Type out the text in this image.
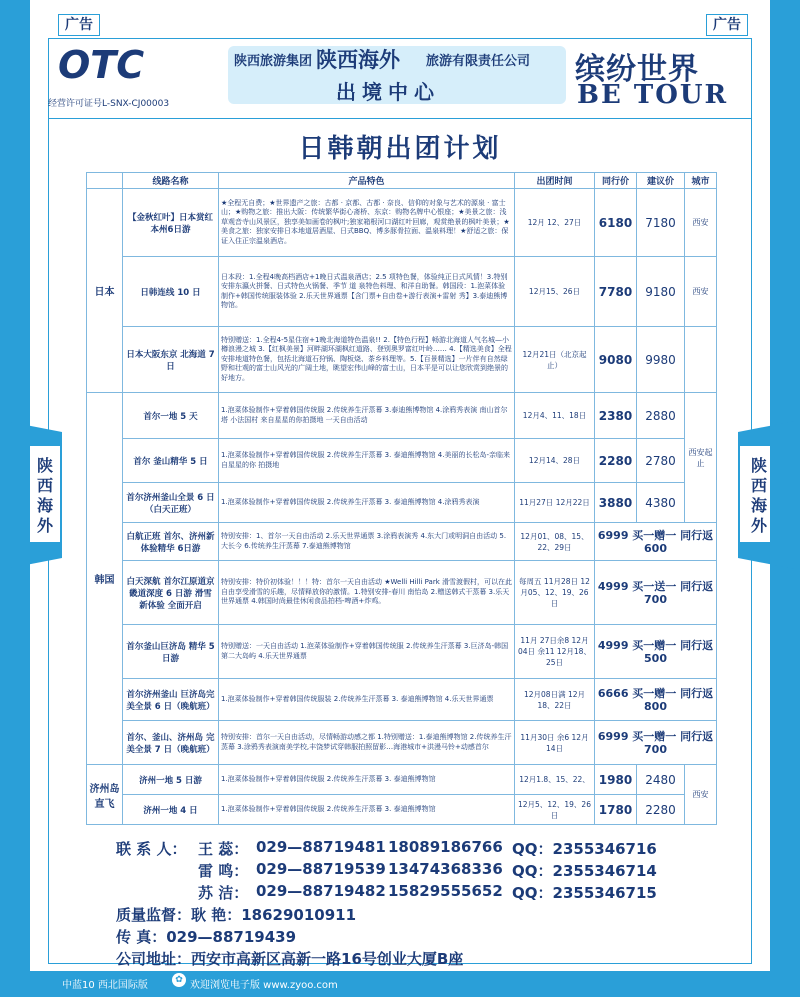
广告	广告
OTC
经营许可证号L-SNX-CJ00003
陕西旅游集团 陕西海外 旅游有限责任公司
出境中心
缤纷世界
BE TOUR
日韩朝出团计划
陕西海外
陕西海外
	线路名称	产品特色	出团时间	同行价	建议价	城市
日本	【金秋红叶】日本赏红 本州6日游	★全程无自费；★世界遗产之旅：古都 · 京都、古都 · 奈良、信仰的对象与艺术的源泉 · 富士山；★购物之旅：推出大阪：传统繁华街心斋桥、东京：购物名牌中心银座；★美景之旅：浅草观音寺山风景区，独享美如画卷的枫叶;独家箱根河口湖红叶回廊，观赏绝景的枫叶美景；★美食之旅：独家安排日本地道居酒屋、日式BBQ、博多豚骨拉面、温泉料理！★舒适之旅：保证入住正宗温泉酒店。	12月 12、27日	6180	7180	西安
	日韩连线 10 日	日本段：1.全程4晚高档酒店+1晚日式温泉酒店；2.5 项特色餐，体验纯正日式风情！3.特别安排东瀛火拼餐、日式特色火锅餐、季节 道 泉特色料理、和洋自助餐。韩国段：1.泡菜体验制作+韩国传统服装体验 2.乐天世界通票【含门票+自由卷+游行表演+雷射 秀】3.泰迪熊博物馆。	12月15、26日	7780	9180	西安
	日本大阪东京 北海道 7 日	特别赠送：1.全程4-5星住宿+1晚北海道特色温泉!! 2.【特色行程】畅游北海道人气名城—小樽浪漫之城 3.【红枫美景】河畔湖环湖枫红道路、登别奥罗富红叶岭…… 4.【精选美食】全程安排地道特色餐，包括北海道石狩锅、陶板烧、茶乡料理等。5.【百景精选】一片伴有自然绿野和壮观的富士山风光的广阔土地，眺望宏伟山峰的富士山，日本平是可以让您欣赏到绝景的好地方。	12月21日（北京起止）	9080	9980	
韩国	首尔一地 5 天	1.泡菜体验制作+穿着韩国传统服 2.传统养生汗蒸幕 3.泰迪熊博物馆 4.涂鸦秀表演 南山首尔塔 小法国村 来自星星的你拍摄地 一天自由活动	12月4、11、18日	2380	2880	西安起止
	首尔 釜山精华 5 日	1.泡菜体验制作+穿着韩国传统服 2.传统养生汗蒸幕 3. 泰迪熊博物馆 4.美丽的长松岛-亲临来自星星的你 拍摄地	12月14、28日	2280	2780	
	首尔济州釜山全景 6 日（白天正班）	1.泡菜体验制作+穿着韩国传统服 2.传统养生汗蒸幕 3. 泰迪熊博物馆 4.涂鸦秀表演	11月27日 12月22日	3880	4380	
	白航正班 首尔、济州新体验精华 6日游	特别安排：1、首尔一天自由活动 2.乐天世界通票 3.涂鸦表演秀 4.东大门或明洞自由活动 5.大长今 6.传统养生汗蒸幕 7.泰迪熊博物馆	12月01、08、15、22、29日	6999 买一赠一 同行返 600		
	白天深航 首尔江原道京畿道深度 6 日游 滑雪新体验 全面开启	特别安排：特价初体验！！！特：首尔一天自由活动 ★Welli Hilli Park 滑雪渡假村，可以在此自由享受滑雪的乐趣，尽情释放你的激情。1.特别安排-春川 南怡岛 2.赠送韩式干蒸幕 3.乐天世界通票 4.韩国时尚最佳休闲食品拍档-啤酒+炸鸡。	每周五 11月28日 12月05、12、19、26日	4999 买一送一 同行返 700		
	首尔釜山巨济岛 精华 5 日游	特别赠送：一天自由活动 1.泡菜体验制作+穿着韩国传统服 2.传统养生汗蒸幕 3.巨济岛-韩国第二大岛屿 4.乐天世界通票	11月 27日余8 12月04日 余11 12月18、25日	4999 买一赠一 同行返 500		
	首尔济州釜山 巨济岛完美全景 6 日（晚航班）	1.泡菜体验制作+穿着韩国传统服装 2.传统养生汗蒸幕 3. 泰迪熊博物馆 4.乐天世界通票	12月08日满 12月18、22日	6666 买一赠一 同行返 800		
	首尔、釜山、济州岛 完美全景 7 日（晚航班）	特别安排：首尔一天自由活动，尽情畅游动感之都 1.特别赠送：1.泰迪熊博物馆 2.传统养生汗蒸幕 3.涂鸦秀表演南美学校,丰饶梦试穿韩服拍照留影…海港城市+洪漫马铃+动感首尔	11月30日 余6 12月14日	6999 买一赠一 同行返 700		
济州岛直飞	济州一地 5 日游	1.泡菜体验制作+穿着韩国传统服 2.传统养生汗蒸幕 3. 泰迪熊博物馆	12月1.8、15、22、	1980	2480	西安
	济州一地 4 日	1.泡菜体验制作+穿着韩国传统服 2.传统养生汗蒸幕 3. 泰迪熊博物馆	12月5、12、19、26日	1780	2280	
联 系 人： 王 蕊： 029—88719481 18089186766 QQ：2355346716
雷 鸣： 029—88719539 13474368336 QQ：2355346714
苏 洁： 029—88719482 15829555652 QQ：2355346715
质量监督：耿 艳：18629010911
传 真：029—88719439
公司地址：西安市高新区高新一路16号创业大厦B座
中蓝10 西北国际版	✿ 欢迎浏览电子版 www.zyoo.com
